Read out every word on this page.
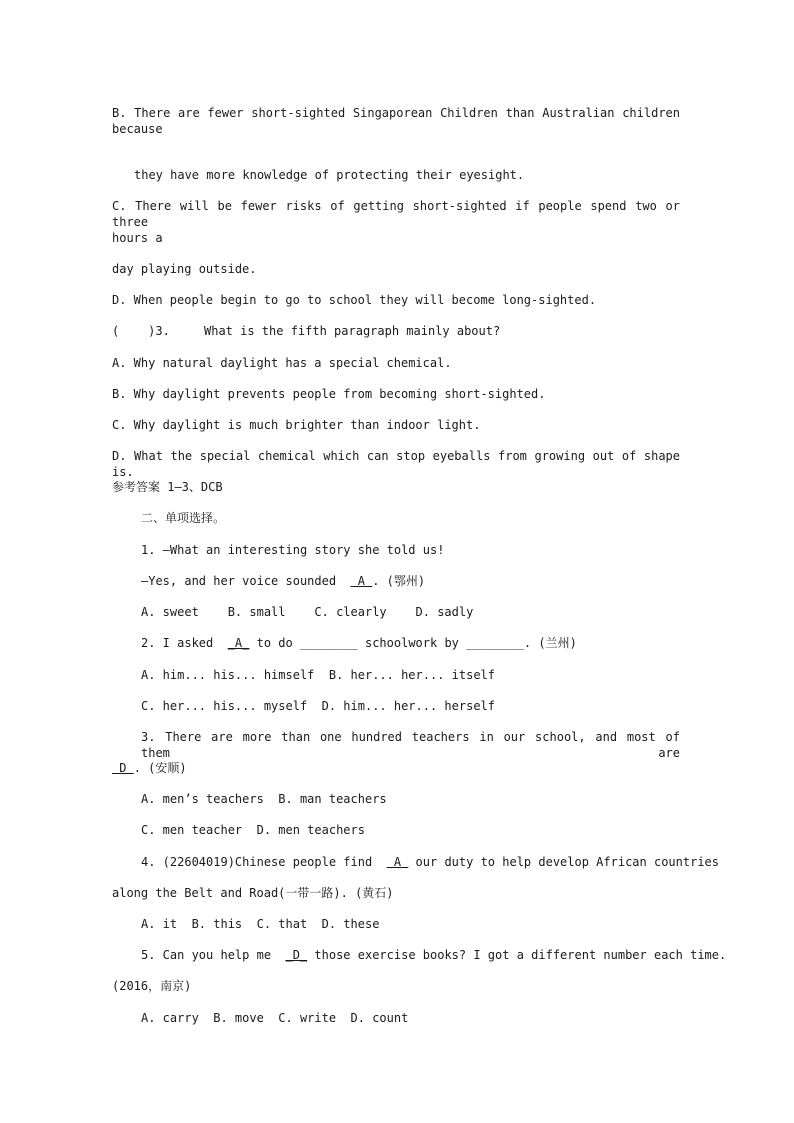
B. There are fewer short-sighted Singaporean Children than Australian children because
they have more knowledge of protecting their eyesight.
C. There will be fewer risks of getting short-sighted if people spend two or three
hours a
day playing outside.
D. When people begin to go to school they will become long-sighted.
(    )3.	What is the fifth paragraph mainly about?
A. Why natural daylight has a special chemical.
B. Why daylight prevents people from becoming short-sighted.
C. Why daylight is much brighter than indoor light.
D. What the special chemical which can stop eyeballs from growing out of shape is.
参考答案 1—3、DCB
二、单项选择。
1. —What an interesting story she told us!
—Yes, and her voice sounded   A . (鄂州)
A. sweet    B. small    C. clearly    D. sadly
2. I asked  _A_ to do ________ schoolwork by ________. (兰州)
A. him... his... himself  B. her... her... itself
C. her... his... myself  D. him... her... herself
3. There are more than one hundred teachers in our school, and most of them are
D . (安顺)
A. men’s teachers  B. man teachers
C. men teacher  D. men teachers
4. (22604019)Chinese people find   A  our duty to help develop African countries
along the Belt and Road(一带一路). (黄石)
A. it  B. this  C. that  D. these
5. Can you help me  _D_ those exercise books? I got a different number each time.
(2016，南京)
A. carry  B. move  C. write  D. count
